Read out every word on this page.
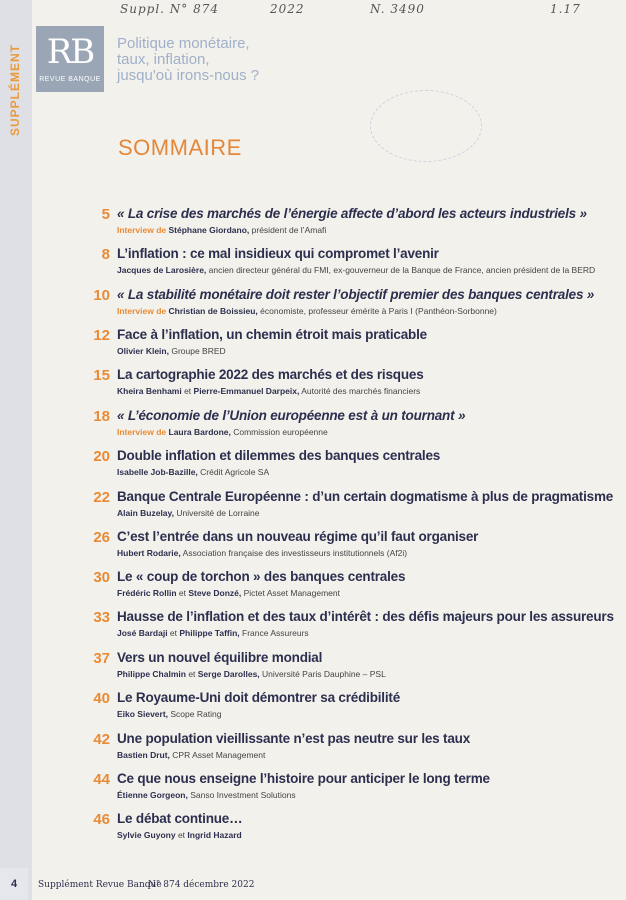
SUPPLÉMENT
Suppl. N° 874	2022	N. 3490	1.17
RB
REVUE BANQUE
Politique monétaire,
taux, inflation,
jusqu'où irons-nous ?
SOMMAIRE
5 « La crise des marchés de l’énergie affecte d’abord les acteurs industriels »
Interview de Stéphane Giordano, président de l’Amafi
8 L’inflation : ce mal insidieux qui compromet l’avenir
Jacques de Larosière, ancien directeur général du FMI, ex-gouverneur de la Banque de France, ancien président de la BERD
10 « La stabilité monétaire doit rester l’objectif premier des banques centrales »
Interview de Christian de Boissieu, économiste, professeur émérite à Paris I (Panthéon-Sorbonne)
12 Face à l’inflation, un chemin étroit mais praticable
Olivier Klein, Groupe BRED
15 La cartographie 2022 des marchés et des risques
Kheira Benhami et Pierre-Emmanuel Darpeix, Autorité des marchés financiers
18 « L’économie de l’Union européenne est à un tournant »
Interview de Laura Bardone, Commission européenne
20 Double inflation et dilemmes des banques centrales
Isabelle Job-Bazille, Crédit Agricole SA
22 Banque Centrale Européenne : d’un certain dogmatisme à plus de pragmatisme
Alain Buzelay, Université de Lorraine
26 C’est l’entrée dans un nouveau régime qu’il faut organiser
Hubert Rodarie, Association française des investisseurs institutionnels (Af2i)
30 Le « coup de torchon » des banques centrales
Frédéric Rollin et Steve Donzé, Pictet Asset Management
33 Hausse de l’inflation et des taux d’intérêt : des défis majeurs pour les assureurs
José Bardaji et Philippe Taffin, France Assureurs
37 Vers un nouvel équilibre mondial
Philippe Chalmin et Serge Darolles, Université Paris Dauphine – PSL
40 Le Royaume-Uni doit démontrer sa crédibilité
Eiko Sievert, Scope Rating
42 Une population vieillissante n’est pas neutre sur les taux
Bastien Drut, CPR Asset Management
44 Ce que nous enseigne l’histoire pour anticiper le long terme
Étienne Gorgeon, Sanso Investment Solutions
46 Le débat continue…
Sylvie Guyony et Ingrid Hazard
4	Supplément Revue Banque
N° 874 décembre 2022
